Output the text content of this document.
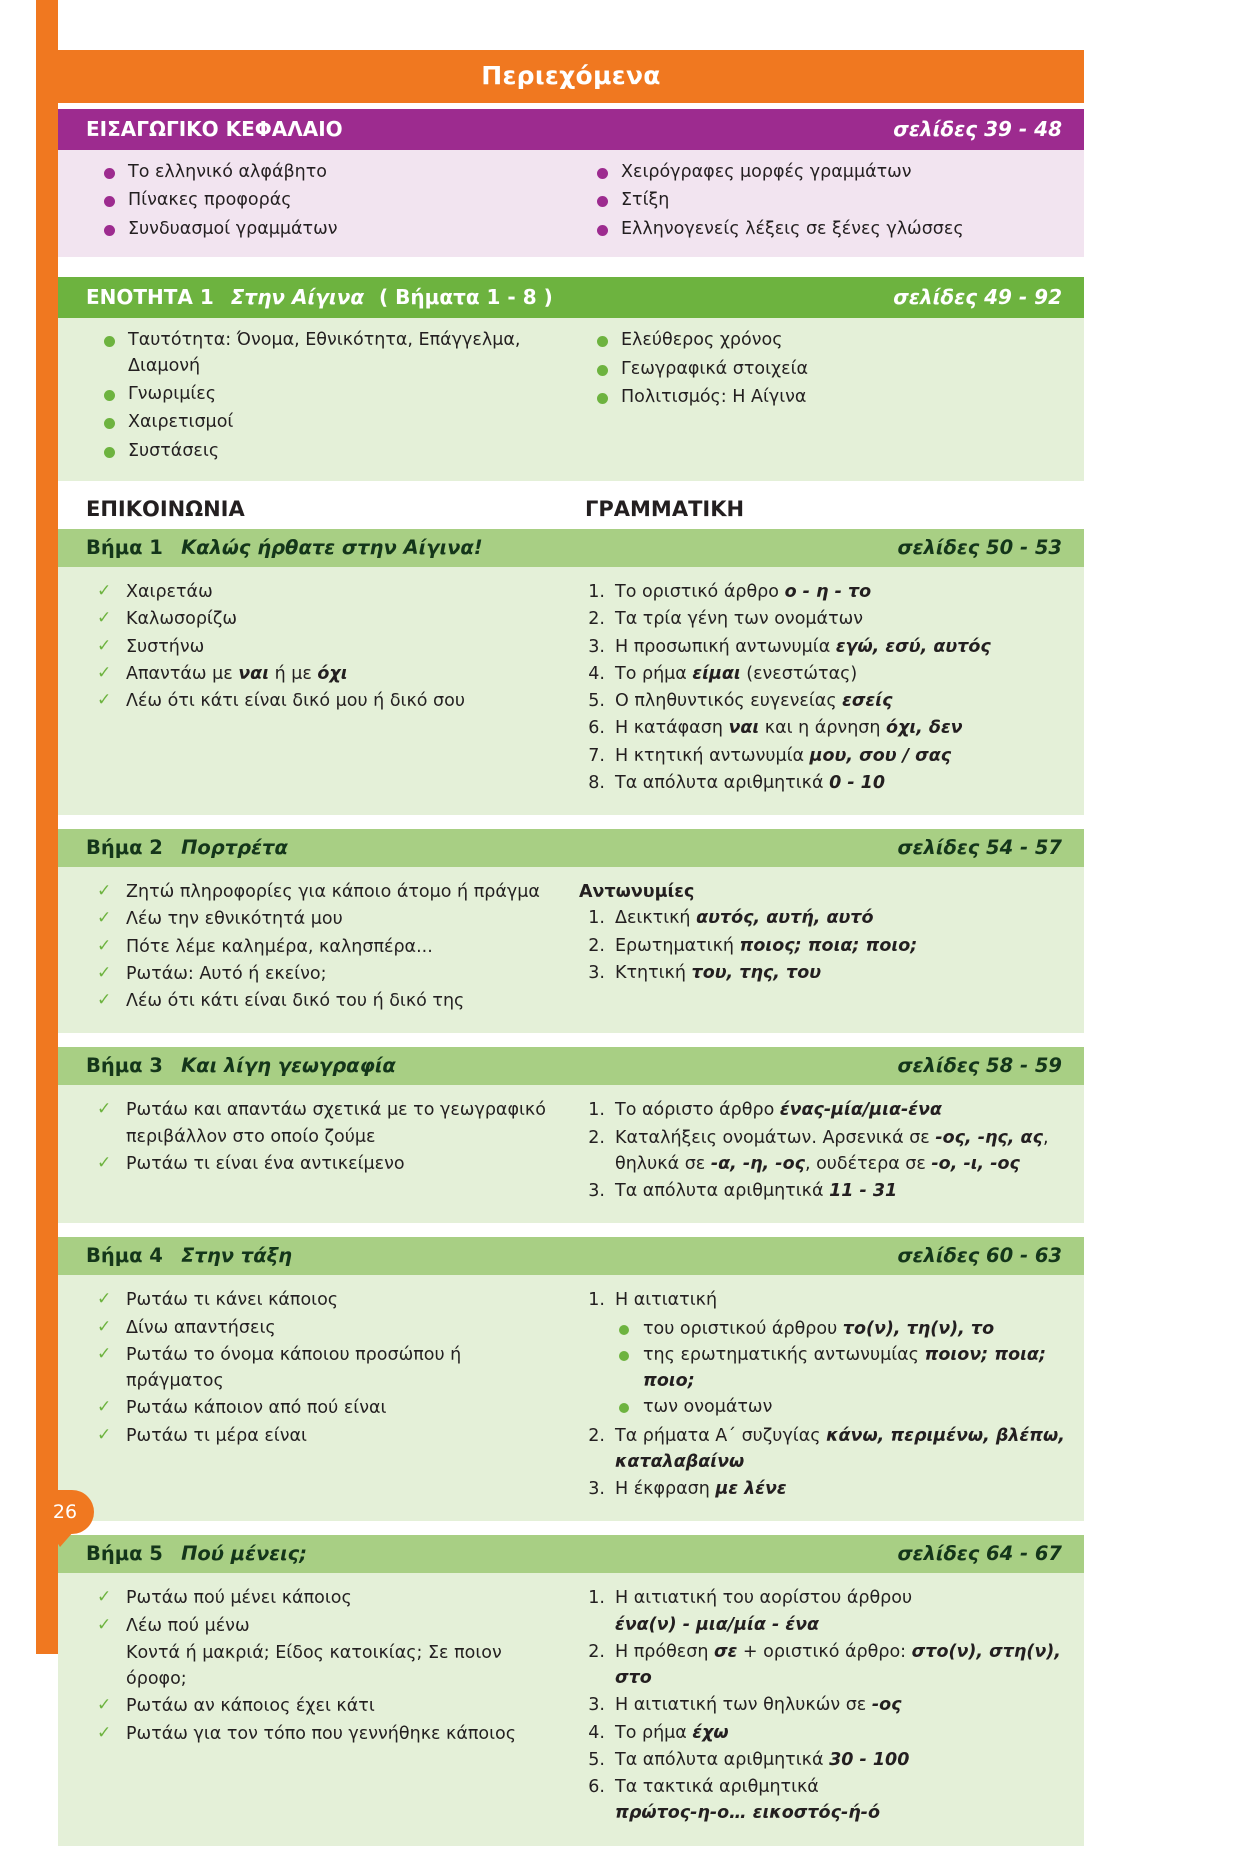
Περιεχόμενα
ΕΙΣΑΓΩΓΙΚΟ ΚΕΦΑΛΑΙΟ	σελίδες 39 - 48
Το ελληνικό αλφάβητο
Πίνακες προφοράς
Συνδυασμοί γραμμάτων
Χειρόγραφες μορφές γραμμάτων
Στίξη
Ελληνογενείς λέξεις σε ξένες γλώσσες
ΕΝΟΤΗΤΑ 1 Στην Αίγινα ( Βήματα 1 - 8 )	σελίδες 49 - 92
Ταυτότητα: Όνομα, Εθνικότητα, Επάγγελμα, Διαμονή
Γνωριμίες
Χαιρετισμοί
Συστάσεις
Ελεύθερος χρόνος
Γεωγραφικά στοιχεία
Πολιτισμός: Η Αίγινα
ΕΠΙΚΟΙΝΩΝΙΑ	ΓΡΑΜΜΑΤΙΚΗ
Βήμα 1 Καλώς ήρθατε στην Αίγινα!	σελίδες 50 - 53
✓ Χαιρετάω
✓ Καλωσορίζω
✓ Συστήνω
✓ Απαντάω με ναι ή με όχι
✓ Λέω ότι κάτι είναι δικό μου ή δικό σου
1. Το οριστικό άρθρο ο - η - το
2. Τα τρία γένη των ονομάτων
3. Η προσωπική αντωνυμία εγώ, εσύ, αυτός
4. Το ρήμα είμαι (ενεστώτας)
5. Ο πληθυντικός ευγενείας εσείς
6. Η κατάφαση ναι και η άρνηση όχι, δεν
7. Η κτητική αντωνυμία μου, σου / σας
8. Τα απόλυτα αριθμητικά 0 - 10
Βήμα 2 Πορτρέτα	σελίδες 54 - 57
✓ Ζητώ πληροφορίες για κάποιο άτομο ή πράγμα
✓ Λέω την εθνικότητά μου
✓ Πότε λέμε καλημέρα, καλησπέρα...
✓ Ρωτάω: Αυτό ή εκείνο;
✓ Λέω ότι κάτι είναι δικό του ή δικό της
Αντωνυμίες
1. Δεικτική αυτός, αυτή, αυτό
2. Ερωτηματική ποιος; ποια; ποιο;
3. Κτητική του, της, του
Βήμα 3 Και λίγη γεωγραφία	σελίδες 58 - 59
✓ Ρωτάω και απαντάω σχετικά με το γεωγραφικό περιβάλλον στο οποίο ζούμε
✓ Ρωτάω τι είναι ένα αντικείμενο
1. Το αόριστο άρθρο ένας-μία/μια-ένα
2. Καταλήξεις ονομάτων. Αρσενικά σε -ος, -ης, ας, θηλυκά σε -α, -η, -ος, ουδέτερα σε -ο, -ι, -ος
3. Τα απόλυτα αριθμητικά 11 - 31
Βήμα 4 Στην τάξη	σελίδες 60 - 63
✓ Ρωτάω τι κάνει κάποιος
✓ Δίνω απαντήσεις
✓ Ρωτάω το όνομα κάποιου προσώπου ή πράγματος
✓ Ρωτάω κάποιον από πού είναι
✓ Ρωτάω τι μέρα είναι
1. Η αιτιατική
του οριστικού άρθρου το(ν), τη(ν), το
της ερωτηματικής αντωνυμίας ποιον; ποια; ποιο;
των ονομάτων
2. Τα ρήματα Α΄ συζυγίας κάνω, περιμένω, βλέπω, καταλαβαίνω
3. Η έκφραση με λένε
Βήμα 5 Πού μένεις;	σελίδες 64 - 67
✓ Ρωτάω πού μένει κάποιος
✓ Λέω πού μένω
Κοντά ή μακριά; Είδος κατοικίας; Σε ποιον όροφο;
✓ Ρωτάω αν κάποιος έχει κάτι
✓ Ρωτάω για τον τόπο που γεννήθηκε κάποιος
1. Η αιτιατική του αορίστου άρθρου
ένα(ν) - μια/μία - ένα
2. Η πρόθεση σε + οριστικό άρθρο: στο(ν), στη(ν), στο
3. Η αιτιατική των θηλυκών σε -ος
4. Το ρήμα έχω
5. Τα απόλυτα αριθμητικά 30 - 100
6. Τα τακτικά αριθμητικά
πρώτος-η-ο… εικοστός-ή-ό
26
